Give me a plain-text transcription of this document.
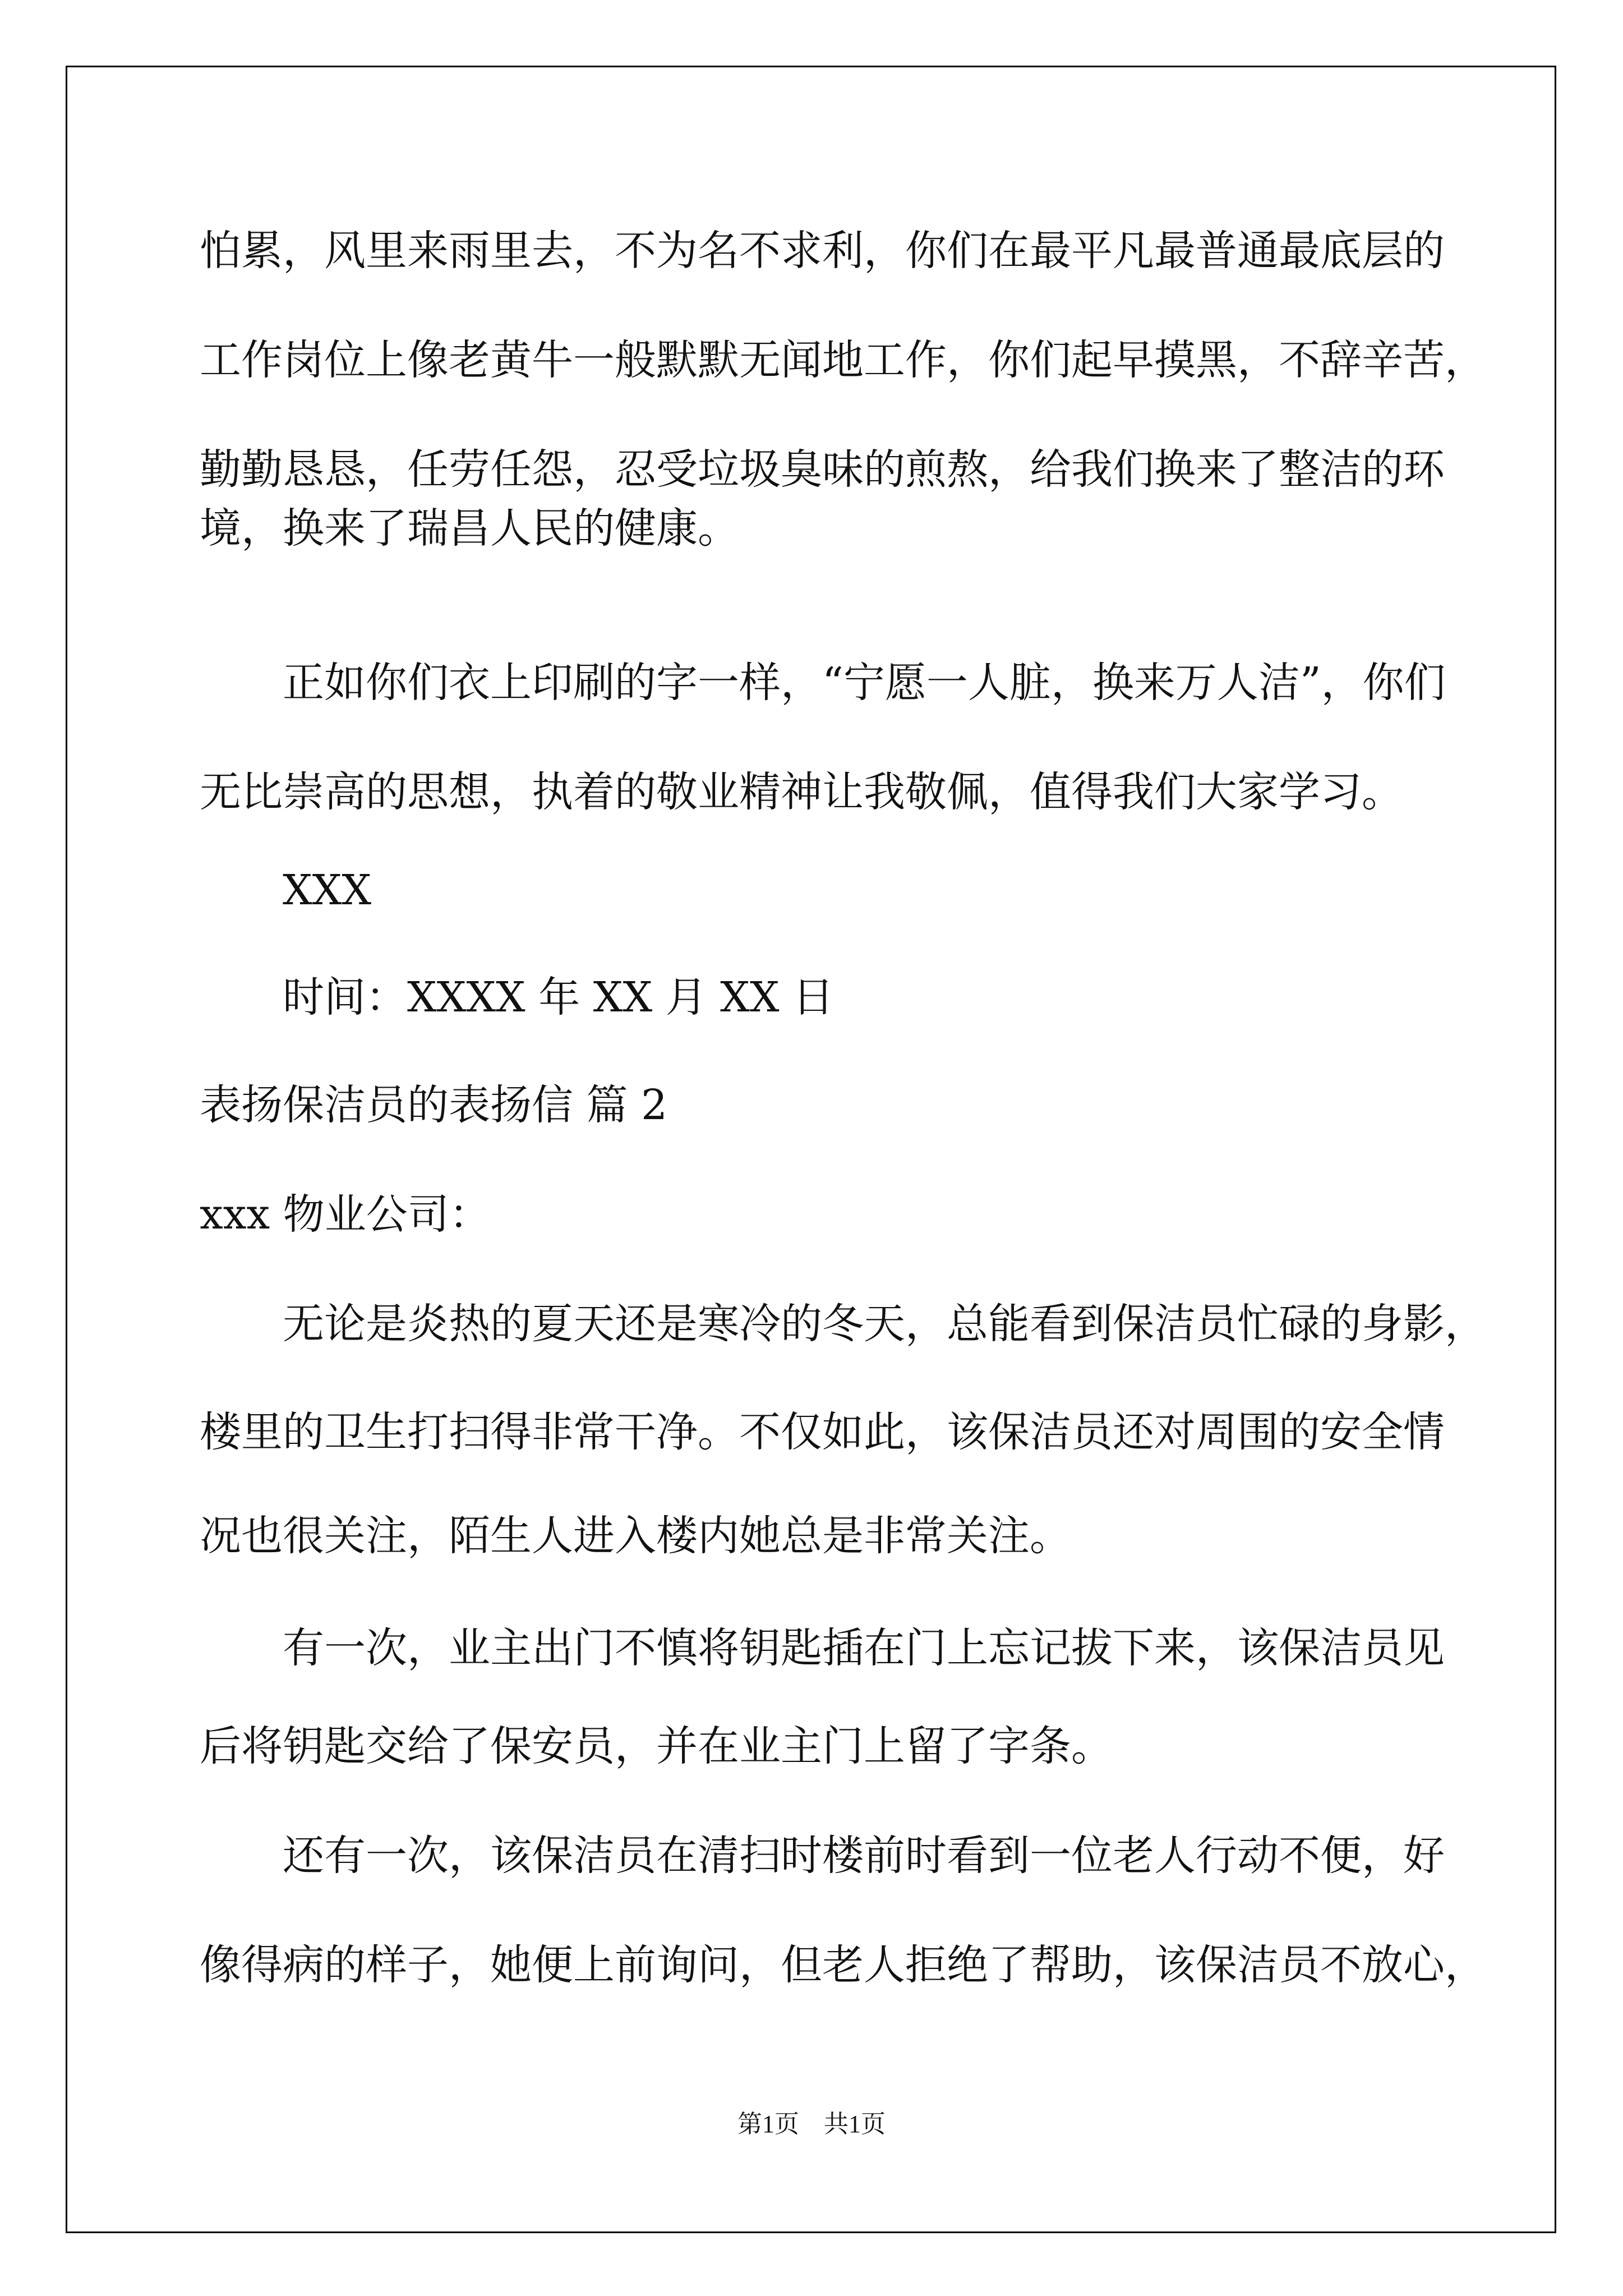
怕累，风里来雨里去，不为名不求利，你们在最平凡最普通最底层的

工作岗位上像老黄牛一般默默无闻地工作，你们起早摸黑，不辞辛苦，

勤勤恳恳，任劳任怨，忍受垃圾臭味的煎熬，给我们换来了整洁的环

境，换来了瑞昌人民的健康。

　　正如你们衣上印刷的字一样，“宁愿一人脏，换来万人洁”，你们

无比崇高的思想，执着的敬业精神让我敬佩，值得我们大家学习。

　　XXX

　　时间：XXXX 年 XX 月 XX 日

表扬保洁员的表扬信 篇 2

xxx 物业公司：

　　无论是炎热的夏天还是寒冷的冬天，总能看到保洁员忙碌的身影，

楼里的卫生打扫得非常干净。不仅如此，该保洁员还对周围的安全情

况也很关注，陌生人进入楼内她总是非常关注。

　　有一次，业主出门不慎将钥匙插在门上忘记拔下来，该保洁员见

后将钥匙交给了保安员，并在业主门上留了字条。

　　还有一次，该保洁员在清扫时楼前时看到一位老人行动不便，好

像得病的样子，她便上前询问，但老人拒绝了帮助，该保洁员不放心，

第1页　共1页
